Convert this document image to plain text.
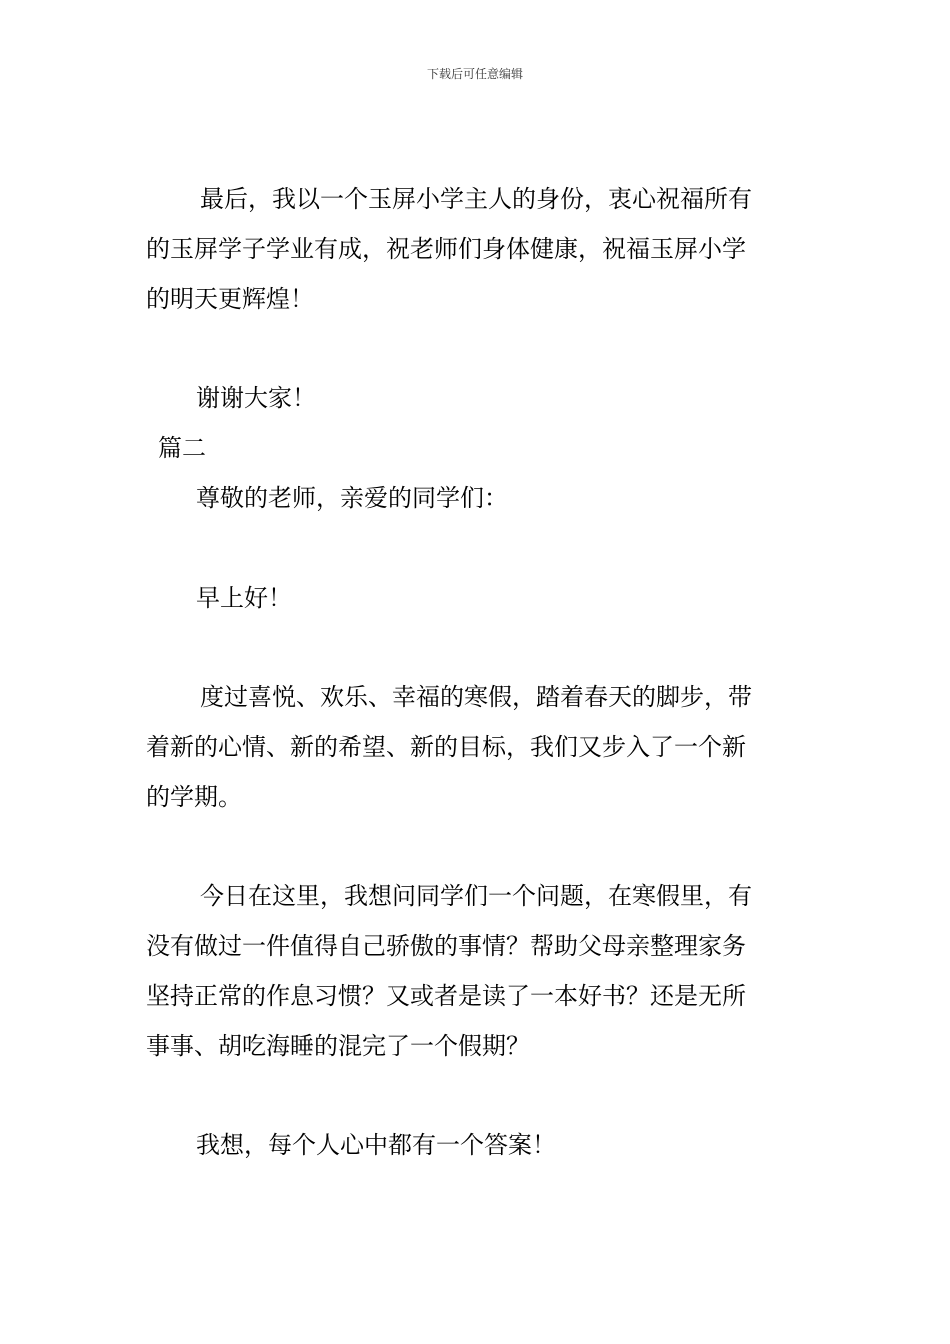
下载后可任意编辑
最后，我以一个玉屏小学主人的身份，衷心祝福所有
的玉屏学子学业有成，祝老师们身体健康，祝福玉屏小学
的明天更辉煌！
谢谢大家！
篇二
尊敬的老师，亲爱的同学们：
早上好！
度过喜悦、欢乐、幸福的寒假，踏着春天的脚步，带
着新的心情、新的希望、新的目标，我们又步入了一个新
的学期。
今日在这里，我想问同学们一个问题，在寒假里，有
没有做过一件值得自己骄傲的事情？帮助父母亲整理家务
坚持正常的作息习惯？又或者是读了一本好书？还是无所
事事、胡吃海睡的混完了一个假期？
我想，每个人心中都有一个答案！
